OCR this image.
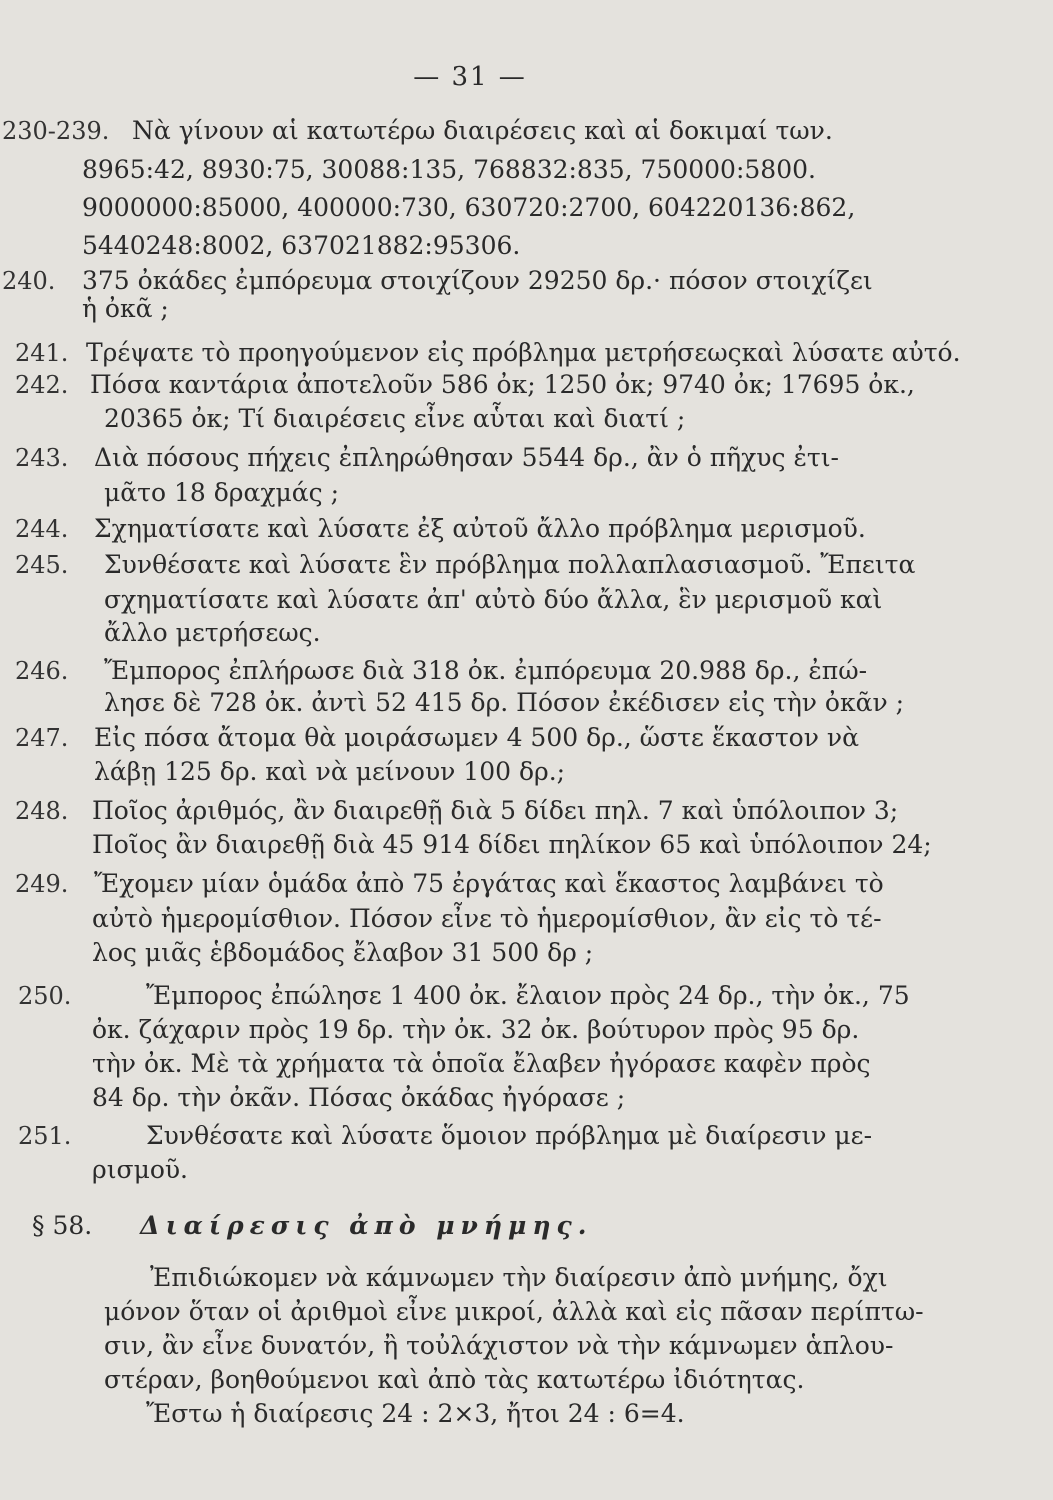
— 31 —
230-239. Νὰ γίνουν αἱ κατωτέρω διαιρέσεις καὶ αἱ δοκιμαί των.
8965:42, 8930:75, 30088:135, 768832:835, 750000:5800.
9000000:85000, 400000:730, 630720:2700, 604220136:862,
5440248:8002, 637021882:95306.
240. 375 ὀκάδες ἐμπόρευμα στοιχίζουν 29250 δρ.· πόσον στοιχίζει
ἡ ὀκᾶ ;
241. Τρέψατε τὸ προηγούμενον εἰς πρόβλημα μετρήσεωςκαὶ λύσατε αὐτό.
242. Πόσα καντάρια ἀποτελοῦν 586 ὀκ; 1250 ὀκ; 9740 ὀκ; 17695 ὀκ.,
20365 ὀκ; Τί διαιρέσεις εἶνε αὗται καὶ διατί ;
243. Διὰ πόσους πήχεις ἐπληρώθησαν 5544 δρ., ἂν ὁ πῆχυς ἐτι-
μᾶτο 18 δραχμάς ;
244. Σχηματίσατε καὶ λύσατε ἐξ αὐτοῦ ἄλλο πρόβλημα μερισμοῦ.
245. Συνθέσατε καὶ λύσατε ἓν πρόβλημα πολλαπλασιασμοῦ. Ἔπειτα
σχηματίσατε καὶ λύσατε ἀπ' αὐτὸ δύο ἄλλα, ἓν μερισμοῦ καὶ
ἄλλο μετρήσεως.
246. Ἔμπορος ἐπλήρωσε διὰ 318 ὀκ. ἐμπόρευμα 20.988 δρ., ἐπώ-
λησε δὲ 728 ὀκ. ἀντὶ 52 415 δρ. Πόσον ἐκέδισεν εἰς τὴν ὀκᾶν ;
247. Εἰς πόσα ἄτομα θὰ μοιράσωμεν 4 500 δρ., ὥστε ἕκαστον νὰ
λάβῃ 125 δρ. καὶ νὰ μείνουν 100 δρ.;
248. Ποῖος ἀριθμός, ἂν διαιρεθῇ διὰ 5 δίδει πηλ. 7 καὶ ὑπόλοιπον 3;
Ποῖος ἂν διαιρεθῇ διὰ 45 914 δίδει πηλίκον 65 καὶ ὑπόλοιπον 24;
249. Ἔχομεν μίαν ὁμάδα ἀπὸ 75 ἐργάτας καὶ ἕκαστος λαμβάνει τὸ
αὐτὸ ἡμερομίσθιον. Πόσον εἶνε τὸ ἡμερομίσθιον, ἂν εἰς τὸ τέ-
λος μιᾶς ἑβδομάδος ἔλαβον 31 500 δρ ;
250.	Ἔμπορος ἐπώλησε 1 400 ὀκ. ἔλαιον πρὸς 24 δρ., τὴν ὀκ., 75
ὀκ. ζάχαριν πρὸς 19 δρ. τὴν ὀκ. 32 ὀκ. βούτυρον πρὸς 95 δρ.
τὴν ὀκ. Μὲ τὰ χρήματα τὰ ὁποῖα ἔλαβεν ἠγόρασε καφὲν πρὸς
84 δρ. τὴν ὀκᾶν. Πόσας ὀκάδας ἠγόρασε ;
251.	Συνθέσατε καὶ λύσατε ὅμοιον πρόβλημα μὲ διαίρεσιν με-
ρισμοῦ.
§ 58. Διαίρεσις ἀπὸ μνήμης.
Ἐπιδιώκομεν νὰ κάμνωμεν τὴν διαίρεσιν ἀπὸ μνήμης, ὄχι
μόνον ὅταν οἱ ἀριθμοὶ εἶνε μικροί, ἀλλὰ καὶ εἰς πᾶσαν περίπτω-
σιν, ἂν εἶνε δυνατόν, ἢ τοὐλάχιστον νὰ τὴν κάμνωμεν ἁπλου-
στέραν, βοηθούμενοι καὶ ἀπὸ τὰς κατωτέρω ἰδιότητας.
Ἔστω ἡ διαίρεσις 24 : 2×3, ἤτοι 24 : 6=4.
